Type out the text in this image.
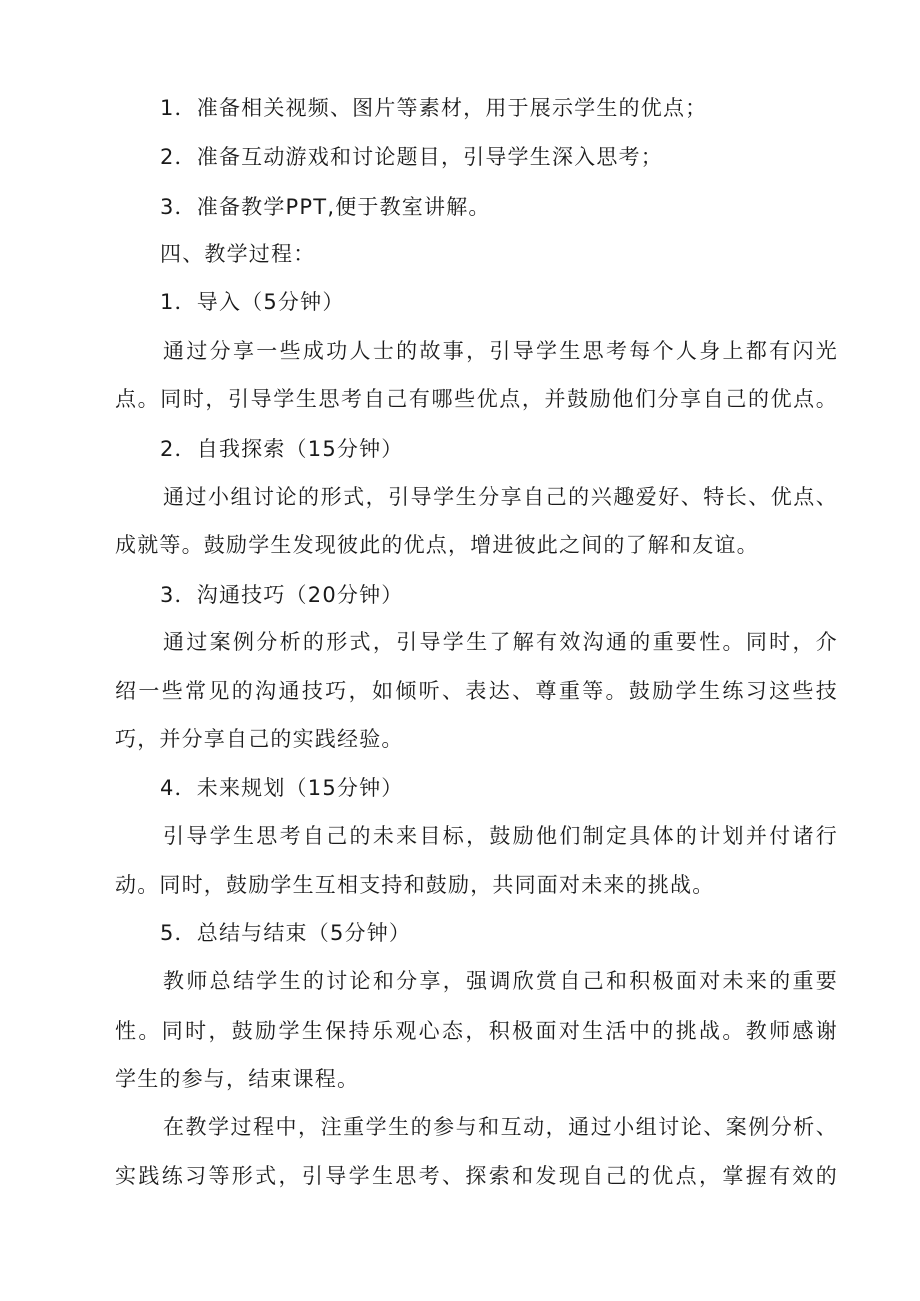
1．准备相关视频、图片等素材，用于展示学生的优点；
2．准备互动游戏和讨论题目，引导学生深入思考；
3．准备教学PPT,便于教室讲解。
四、教学过程：
1．导入（5分钟）
通过分享一些成功人士的故事，引导学生思考每个人身上都有闪光
点。同时，引导学生思考自己有哪些优点，并鼓励他们分享自己的优点。
2．自我探索（15分钟）
通过小组讨论的形式，引导学生分享自己的兴趣爱好、特长、优点、
成就等。鼓励学生发现彼此的优点，增进彼此之间的了解和友谊。
3．沟通技巧（20分钟）
通过案例分析的形式，引导学生了解有效沟通的重要性。同时，介
绍一些常见的沟通技巧，如倾听、表达、尊重等。鼓励学生练习这些技
巧，并分享自己的实践经验。
4．未来规划（15分钟）
引导学生思考自己的未来目标，鼓励他们制定具体的计划并付诸行
动。同时，鼓励学生互相支持和鼓励，共同面对未来的挑战。
5．总结与结束（5分钟）
教师总结学生的讨论和分享，强调欣赏自己和积极面对未来的重要
性。同时，鼓励学生保持乐观心态，积极面对生活中的挑战。教师感谢
学生的参与，结束课程。
在教学过程中，注重学生的参与和互动，通过小组讨论、案例分析、
实践练习等形式，引导学生思考、探索和发现自己的优点，掌握有效的
